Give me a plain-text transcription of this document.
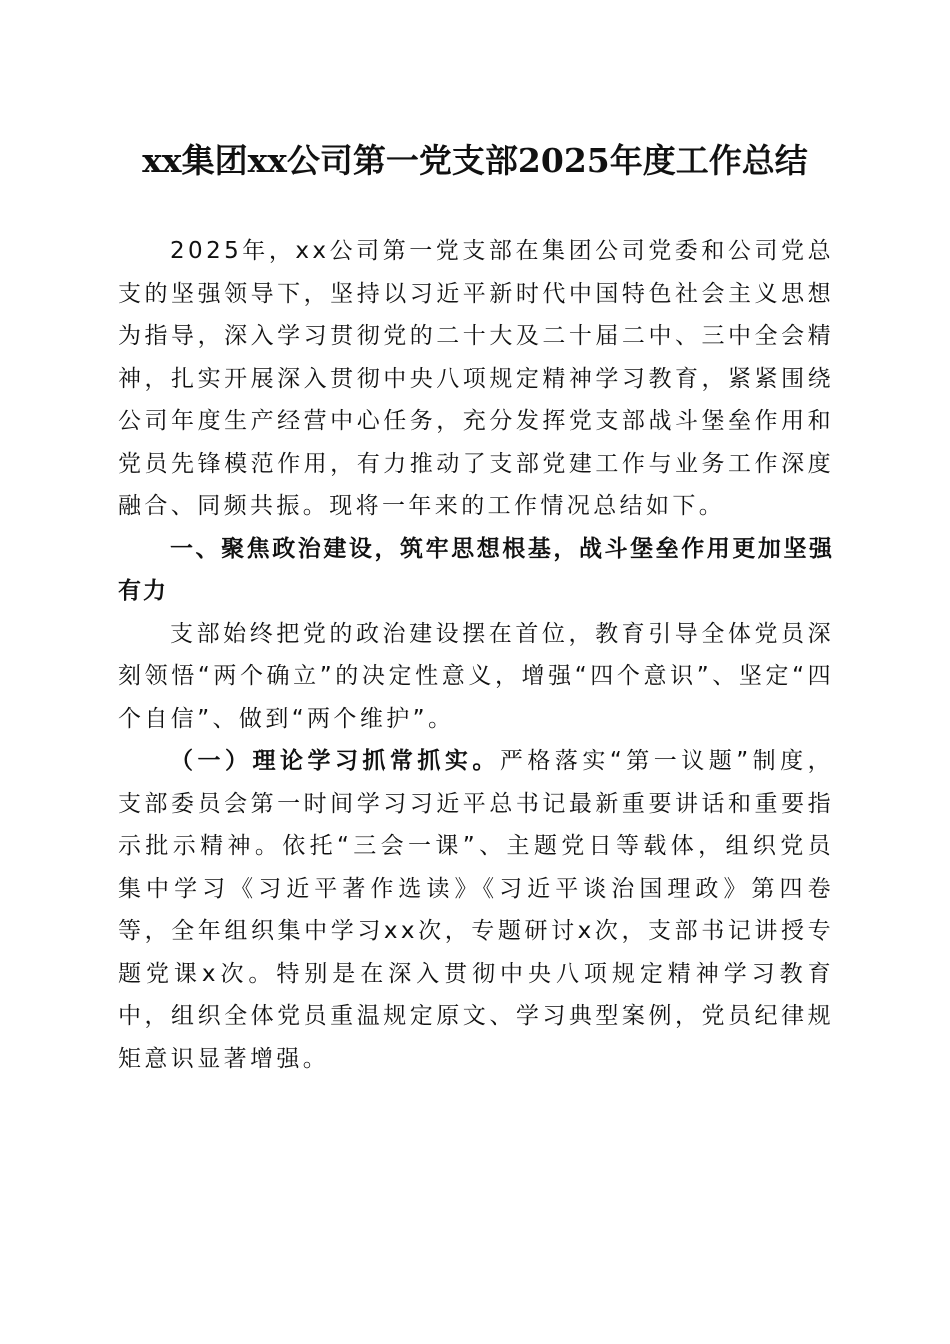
xx集团xx公司第一党支部2025年度工作总结

2025年，xx公司第一党支部在集团公司党委和公司党总支的坚强领导下，坚持以习近平新时代中国特色社会主义思想为指导，深入学习贯彻党的二十大及二十届二中、三中全会精神，扎实开展深入贯彻中央八项规定精神学习教育，紧紧围绕公司年度生产经营中心任务，充分发挥党支部战斗堡垒作用和党员先锋模范作用，有力推动了支部党建工作与业务工作深度融合、同频共振。现将一年来的工作情况总结如下。

一、聚焦政治建设，筑牢思想根基，战斗堡垒作用更加坚强有力

支部始终把党的政治建设摆在首位，教育引导全体党员深刻领悟“两个确立”的决定性意义，增强“四个意识”、坚定“四个自信”、做到“两个维护”。

（一）理论学习抓常抓实。严格落实“第一议题”制度，支部委员会第一时间学习习近平总书记最新重要讲话和重要指示批示精神。依托“三会一课”、主题党日等载体，组织党员集中学习《习近平著作选读》《习近平谈治国理政》第四卷等，全年组织集中学习xx次，专题研讨x次，支部书记讲授专题党课x次。特别是在深入贯彻中央八项规定精神学习教育中，组织全体党员重温规定原文、学习典型案例，党员纪律规矩意识显著增强。
